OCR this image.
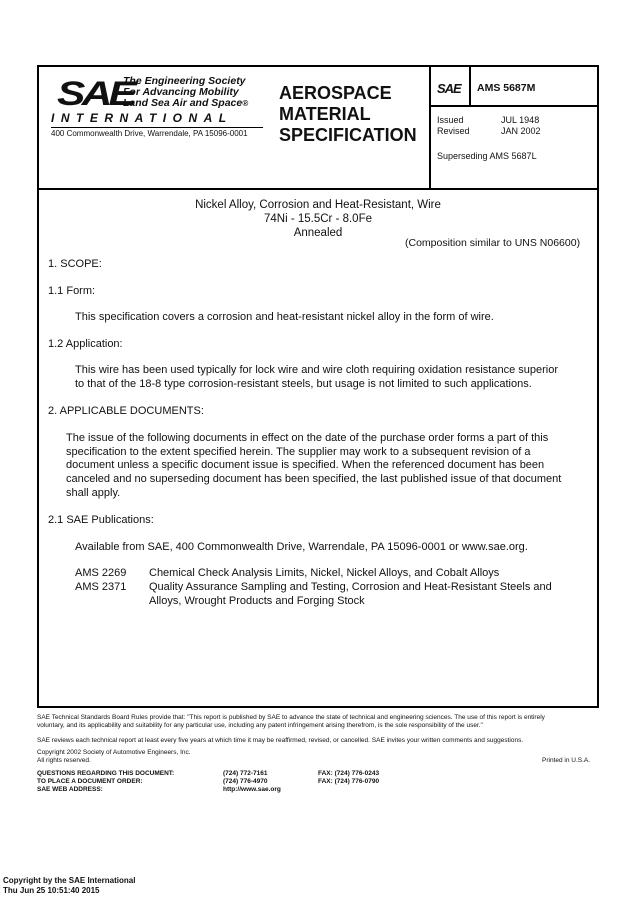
SAE
The Engineering Society
For Advancing Mobility
Land Sea Air and Space®
INTERNATIONAL
400 Commonwealth Drive, Warrendale, PA 15096-0001
AEROSPACE
MATERIAL
SPECIFICATION
SAE AMS 5687M
Issued	JUL 1948
Revised	JAN 2002
Superseding AMS 5687L
Nickel Alloy, Corrosion and Heat-Resistant, Wire
74Ni - 15.5Cr - 8.0Fe
Annealed
(Composition similar to UNS N06600)
1. SCOPE:
1.1 Form:
This specification covers a corrosion and heat-resistant nickel alloy in the form of wire.
1.2 Application:
This wire has been used typically for lock wire and wire cloth requiring oxidation resistance superior
to that of the 18-8 type corrosion-resistant steels, but usage is not limited to such applications.
2. APPLICABLE DOCUMENTS:
The issue of the following documents in effect on the date of the purchase order forms a part of this
specification to the extent specified herein. The supplier may work to a subsequent revision of a
document unless a specific document issue is specified. When the referenced document has been
canceled and no superseding document has been specified, the last published issue of that document
shall apply.
2.1 SAE Publications:
Available from SAE, 400 Commonwealth Drive, Warrendale, PA 15096-0001 or www.sae.org.
AMS 2269 Chemical Check Analysis Limits, Nickel, Nickel Alloys, and Cobalt Alloys
AMS 2371 Quality Assurance Sampling and Testing, Corrosion and Heat-Resistant Steels and
Alloys, Wrought Products and Forging Stock
SAE Technical Standards Board Rules provide that: "This report is published by SAE to advance the state of technical and engineering sciences. The use of this report is entirely
voluntary, and its applicability and suitability for any particular use, including any patent infringement arising therefrom, is the sole responsibility of the user."
SAE reviews each technical report at least every five years at which time it may be reaffirmed, revised, or cancelled. SAE invites your written comments and suggestions.
Copyright 2002 Society of Automotive Engineers, Inc.
All rights reserved.	Printed in U.S.A.
QUESTIONS REGARDING THIS DOCUMENT:	(724) 772-7161	FAX: (724) 776-0243
TO PLACE A DOCUMENT ORDER:	(724) 776-4970	FAX: (724) 776-0790
SAE WEB ADDRESS:	http://www.sae.org
Copyright by the SAE International
Thu Jun 25 10:51:40 2015
